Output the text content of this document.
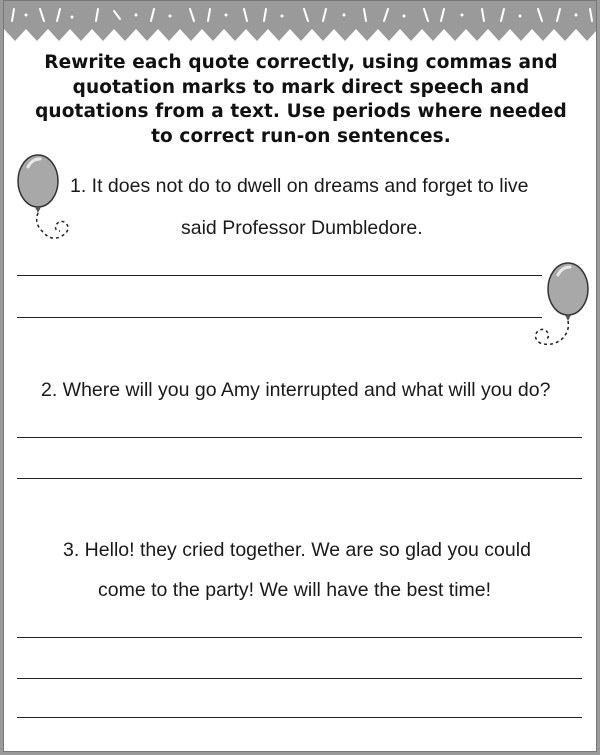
Rewrite each quote correctly, using commas and quotation marks to mark direct speech and quotations from a text. Use periods where needed to correct run-on sentences.
1. It does not do to dwell on dreams and forget to live
said Professor Dumbledore.
2. Where will you go Amy interrupted and what will you do?
3. Hello! they cried together. We are so glad you could
come to the party! We will have the best time!
